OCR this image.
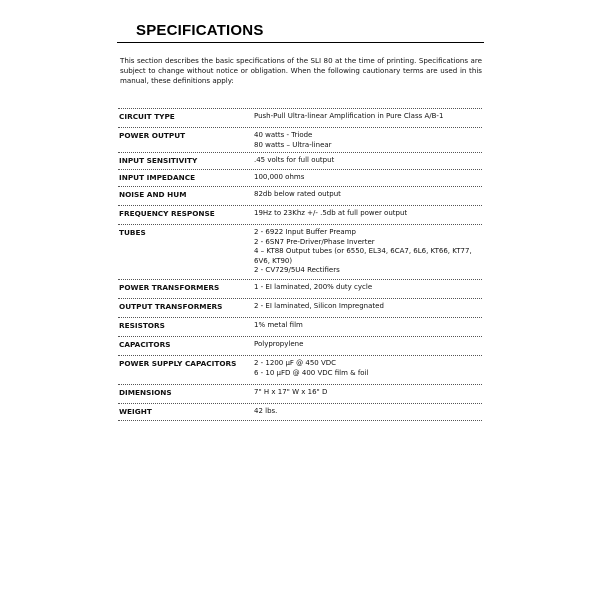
SPECIFICATIONS

This section describes the basic specifications of the SLI 80 at the time of printing. Specifications are subject to change without notice or obligation. When the following cautionary terms are used in this manual, these definitions apply:

CIRCUIT TYPE	Push-Pull Ultra-linear Amplification in Pure Class A/B-1
POWER OUTPUT	40 watts - Triode
80 watts – Ultra-linear
INPUT SENSITIVITY	.45 volts for full output
INPUT IMPEDANCE	100,000 ohms
NOISE AND HUM	82db below rated output
FREQUENCY RESPONSE	19Hz to 23Khz +/- .5db at full power output
TUBES	2 - 6922 Input Buffer Preamp
2 - 6SN7 Pre-Driver/Phase Inverter
4 – KT88 Output tubes (or 6550, EL34, 6CA7, 6L6, KT66, KT77,
6V6, KT90)
2 - CV729/5U4 Rectifiers
POWER TRANSFORMERS	1 - EI laminated, 200% duty cycle
OUTPUT TRANSFORMERS	2 - EI laminated, Silicon Impregnated
RESISTORS	1% metal film
CAPACITORS	Polypropylene
POWER SUPPLY CAPACITORS	2 - 1200 µF @ 450 VDC
6 - 10 µFD @ 400 VDC film & foil
DIMENSIONS	7" H x 17" W x 16" D
WEIGHT	42 lbs.
